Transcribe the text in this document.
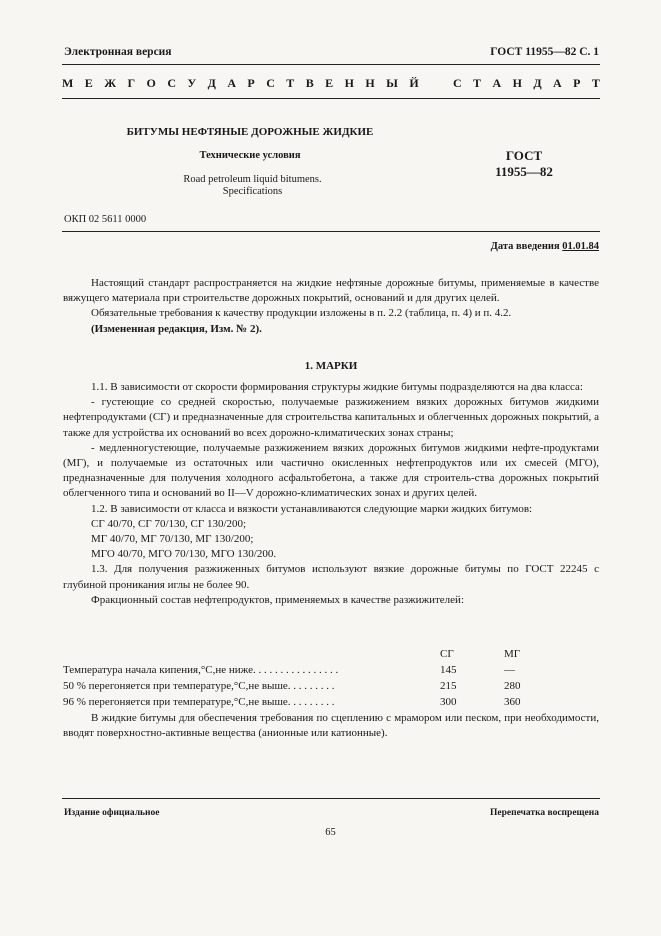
Электронная версия	ГОСТ 11955—82 С. 1
М Е Ж Г О С У Д А Р С Т В Е Н Н Ы Й	С Т А Н Д А Р Т
БИТУМЫ НЕФТЯНЫЕ ДОРОЖНЫЕ ЖИДКИЕ
Технические условия
Road petroleum liquid bitumens.
Specifications
ГОСТ
11955—82
ОКП 02 5611 0000
Дата введения 01.01.84

Настоящий стандарт распространяется на жидкие нефтяные дорожные битумы, применяемые в качестве вяжущего материала при строительстве дорожных покрытий, оснований и для других целей.

Обязательные требования к качеству продукции изложены в п. 2.2 (таблица, п. 4) и п. 4.2.

(Измененная редакция, Изм. № 2).

1. МАРКИ

1.1. В зависимости от скорости формирования структуры жидкие битумы подразделяются на два класса:

- густеющие со средней скоростью, получаемые разжижением вязких дорожных битумов жидкими нефтепродуктами (СГ) и предназначенные для строительства капитальных и облегченных дорожных покрытий, а также для устройства их оснований во всех дорожно-климатических зонах страны;

- медленногустеющие, получаемые разжижением вязких дорожных битумов жидкими нефте-продуктами (МГ), и получаемые из остаточных или частично окисленных нефтепродуктов или их смесей (МГО), предназначенные для получения холодного асфальтобетона, а также для строитель-ства дорожных покрытий облегченного типа и оснований во II—V дорожно-климатических зонах и других целей.

1.2. В зависимости от класса и вязкости устанавливаются следующие марки жидких битумов:

СГ 40/70, СГ 70/130, СГ 130/200;

МГ 40/70, МГ 70/130, МГ 130/200;

МГО 40/70, МГО 70/130, МГО 130/200.

1.3. Для получения разжиженных битумов используют вязкие дорожные битумы по ГОСТ 22245 с глубиной проникания иглы не более 90.

Фракционный состав нефтепродуктов, применяемых в качестве разжижителей:

	СГ	МГ
Температура начала кипения,°C,не ниже. . . . . . . . . . . . . . . .	145	—
50 % перегоняется при температуре,°C,не выше. . . . . . . . .	215	280
96 % перегоняется при температуре,°C,не выше. . . . . . . . .	300	360

В жидкие битумы для обеспечения требования по сцеплению с мрамором или песком, при необходимости, вводят поверхностно-активные вещества (анионные или катионные).

Издание официальное	Перепечатка воспрещена
65
